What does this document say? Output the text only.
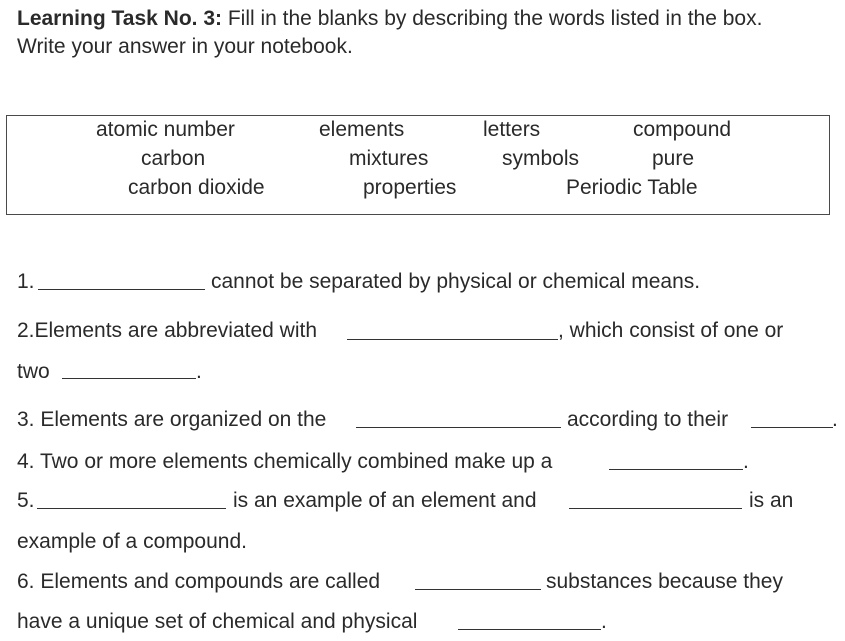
Learning Task No. 3: Fill in the blanks by describing the words listed in the box.
Write your answer in your notebook.
atomic number	elements	letters	compound
carbon	mixtures	symbols	pure
carbon dioxide	properties	Periodic Table
1.	cannot be separated by physical or chemical means.
2.Elements are abbreviated with	, which consist of one or
two	.
3. Elements are organized on the	according to their	.
4. Two or more elements chemically combined make up a	.
5.	is an example of an element and	is an
example of a compound.
6. Elements and compounds are called	substances because they
have a unique set of chemical and physical	.
